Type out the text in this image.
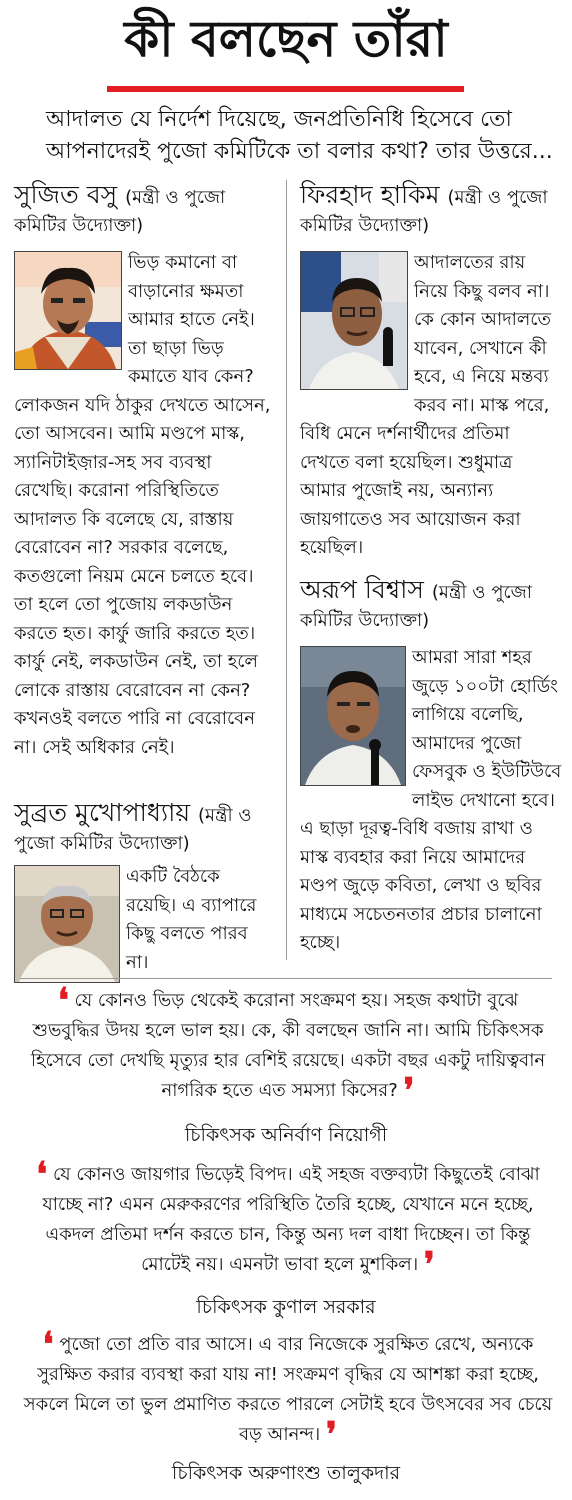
কী বলছেন তাঁরা
আদালত যে নির্দেশ দিয়েছে, জনপ্রতিনিধি হিসেবে তো আপনাদেরই পুজো কমিটিকে তা বলার কথা? তার উত্তরে...
সুজিত বসু (মন্ত্রী ও পুজো
কমিটির উদ্যোক্তা)
ভিড় কমানো বা বাড়ানোর ক্ষমতা আমার হাতে নেই। তা ছাড়া ভিড় কমাতে যাব কেন? লোকজন যদি ঠাকুর দেখতে আসেন, তো আসবেন। আমি মণ্ডপে মাস্ক, স্যানিটাইজ়ার-সহ সব ব্যবস্থা রেখেছি। করোনা পরিস্থিতিতে আদালত কি বলেছে যে, রাস্তায় বেরোবেন না? সরকার বলেছে, কতগুলো নিয়ম মেনে চলতে হবে। তা হলে তো পুজোয় লকডাউন করতে হত। কার্ফু জারি করতে হত। কার্ফু নেই, লকডাউন নেই, তা হলে লোকে রাস্তায় বেরোবেন না কেন? কখনওই বলতে পারি না বেরোবেন না। সেই অধিকার নেই।
ফিরহাদ হাকিম (মন্ত্রী ও পুজো
কমিটির উদ্যোক্তা)
আদালতের রায় নিয়ে কিছু বলব না। কে কোন আদালতে যাবেন, সেখানে কী হবে, এ নিয়ে মন্তব্য করব না। মাস্ক পরে, বিধি মেনে দর্শনার্থীদের প্রতিমা দেখতে বলা হয়েছিল। শুধুমাত্র আমার পুজোই নয়, অন্যান্য জায়গাতেও সব আয়োজন করা হয়েছিল।
অরূপ বিশ্বাস (মন্ত্রী ও পুজো
কমিটির উদ্যোক্তা)
আমরা সারা শহর জুড়ে ১০০টা হোর্ডিং লাগিয়ে বলেছি, আমাদের পুজো ফেসবুক ও ইউটিউবে লাইভ দেখানো হবে। এ ছাড়া দূরত্ব-বিধি বজায় রাখা ও মাস্ক ব্যবহার করা নিয়ে আমাদের মণ্ডপ জুড়ে কবিতা, লেখা ও ছবির মাধ্যমে সচেতনতার প্রচার চালানো হচ্ছে।
সুব্রত মুখোপাধ্যায় (মন্ত্রী ও
পুজো কমিটির উদ্যোক্তা)
একটি বৈঠকে রয়েছি। এ ব্যাপারে কিছু বলতে পারব না।
❛ যে কোনও ভিড় থেকেই করোনা সংক্রমণ হয়। সহজ কথাটা বুঝে শুভবুদ্ধির উদয় হলে ভাল হয়। কে, কী বলছেন জানি না। আমি চিকিৎসক হিসেবে তো দেখছি মৃত্যুর হার বেশিই রয়েছে। একটা বছর একটু দায়িত্ববান নাগরিক হতে এত সমস্যা কিসের? ❜
চিকিৎসক অনির্বাণ নিয়োগী
❛ যে কোনও জায়গার ভিড়েই বিপদ। এই সহজ বক্তব্যটা কিছুতেই বোঝা যাচ্ছে না? এমন মেরুকরণের পরিস্থিতি তৈরি হচ্ছে, যেখানে মনে হচ্ছে, একদল প্রতিমা দর্শন করতে চান, কিন্তু অন্য দল বাধা দিচ্ছেন। তা কিন্তু মোটেই নয়। এমনটা ভাবা হলে মুশকিল। ❜
চিকিৎসক কুণাল সরকার
❛ পুজো তো প্রতি বার আসে। এ বার নিজেকে সুরক্ষিত রেখে, অন্যকে সুরক্ষিত করার ব্যবস্থা করা যায় না! সংক্রমণ বৃদ্ধির যে আশঙ্কা করা হচ্ছে, সকলে মিলে তা ভুল প্রমাণিত করতে পারলে সেটাই হবে উৎসবের সব চেয়ে বড় আনন্দ। ❜
চিকিৎসক অরুণাংশু তালুকদার
